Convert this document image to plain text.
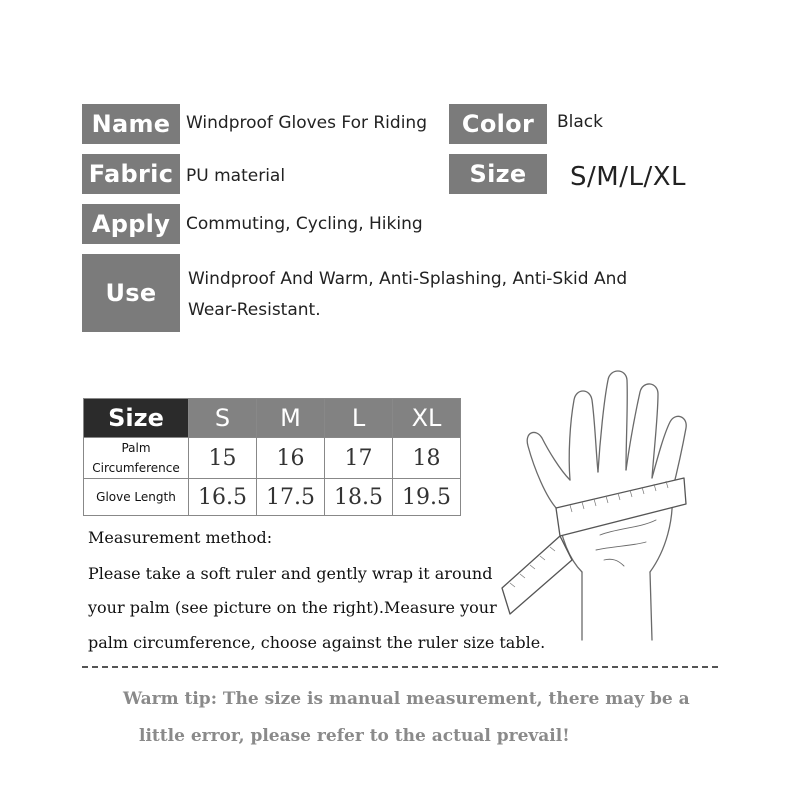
Name Windproof Gloves For Riding	Color	Black
Fabric PU material	Size	S/M/L/XL
Apply Commuting, Cycling, Hiking
Use	Windproof And Warm, Anti-Splashing, Anti-Skid And
Wear-Resistant.
Size	S	M	L	XL

Palm
Circumference	15	16	17	18
Glove Length	16.5	17.5	18.5	19.5
Measurement method:
Please take a soft ruler and gently wrap it around
your palm (see picture on the right).Measure your
palm circumference, choose against the ruler size table.
Warm tip: The size is manual measurement, there may be a
little error, please refer to the actual prevail!
